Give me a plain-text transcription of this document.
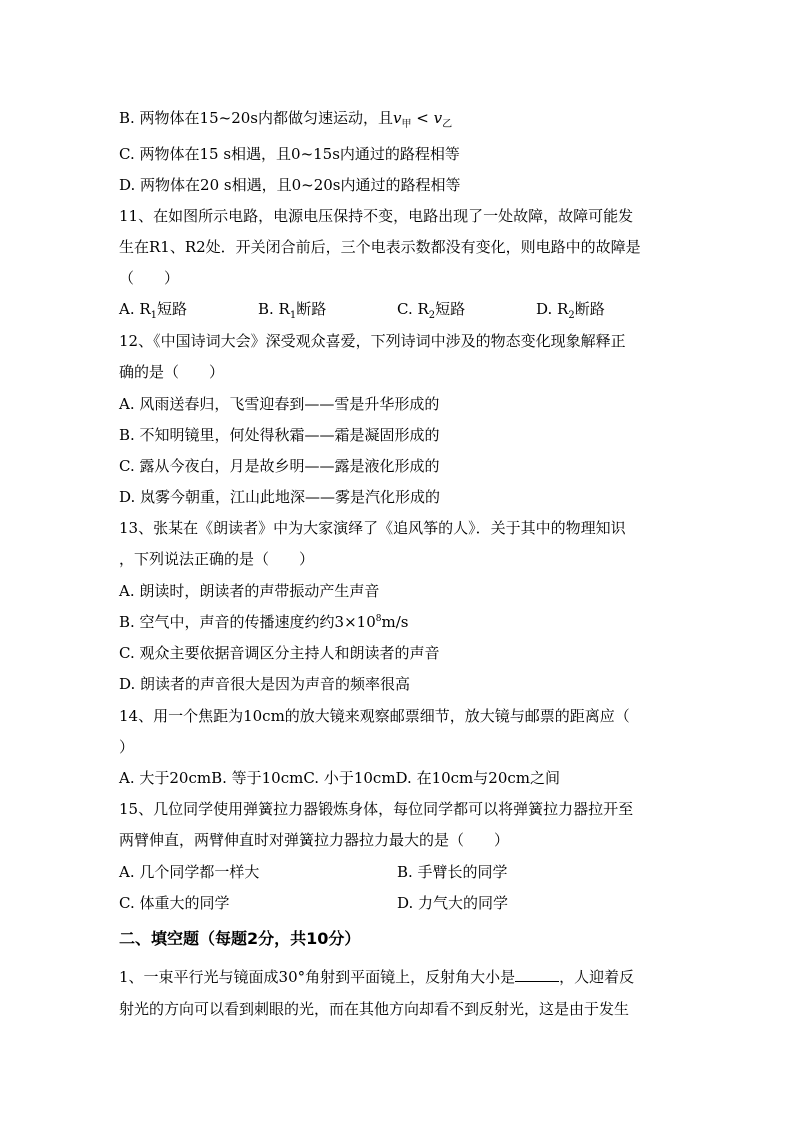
B. 两物体在15~20s内都做匀速运动，且$v_甲 < v_乙$
C. 两物体在15 s相遇，且0~15s内通过的路程相等
D. 两物体在20 s相遇，且0~20s内通过的路程相等
11、在如图所示电路，电源电压保持不变，电路出现了一处故障，故障可能发
生在R1、R2处．开关闭合前后，三个电表示数都没有变化，则电路中的故障是
（　　）
A. $R_1$短路	B. $R_1$断路	C. $R_2$短路	D. $R_2$断路
12、《中国诗词大会》深受观众喜爱，下列诗词中涉及的物态变化现象解释正
确的是（　　）
A. 风雨送春归，飞雪迎春到——雪是升华形成的
B. 不知明镜里，何处得秋霜——霜是凝固形成的
C. 露从今夜白，月是故乡明——露是液化形成的
D. 岚雾今朝重，江山此地深——雾是汽化形成的
13、张某在《朗读者》中为大家演绎了《追风筝的人》．关于其中的物理知识
，下列说法正确的是（　　）
A. 朗读时，朗读者的声带振动产生声音
B. 空气中，声音的传播速度约约$3\times 10^8m/s$
C. 观众主要依据音调区分主持人和朗读者的声音
D. 朗读者的声音很大是因为声音的频率很高
14、用一个焦距为10cm的放大镜来观察邮票细节，放大镜与邮票的距离应（
）
A. 大于20cmB. 等于10cmC. 小于10cmD. 在10cm与20cm之间
15、几位同学使用弹簧拉力器锻炼身体，每位同学都可以将弹簧拉力器拉开至
两臂伸直，两臂伸直时对弹簧拉力器拉力最大的是（　　）
A. 几个同学都一样大	B. 手臂长的同学
C. 体重大的同学	D. 力气大的同学
二、填空题（每题2分，共10分）
1、一束平行光与镜面成30°角射到平面镜上，反射角大小是	，人迎着反
射光的方向可以看到刺眼的光，而在其他方向却看不到反射光，这是由于发生
